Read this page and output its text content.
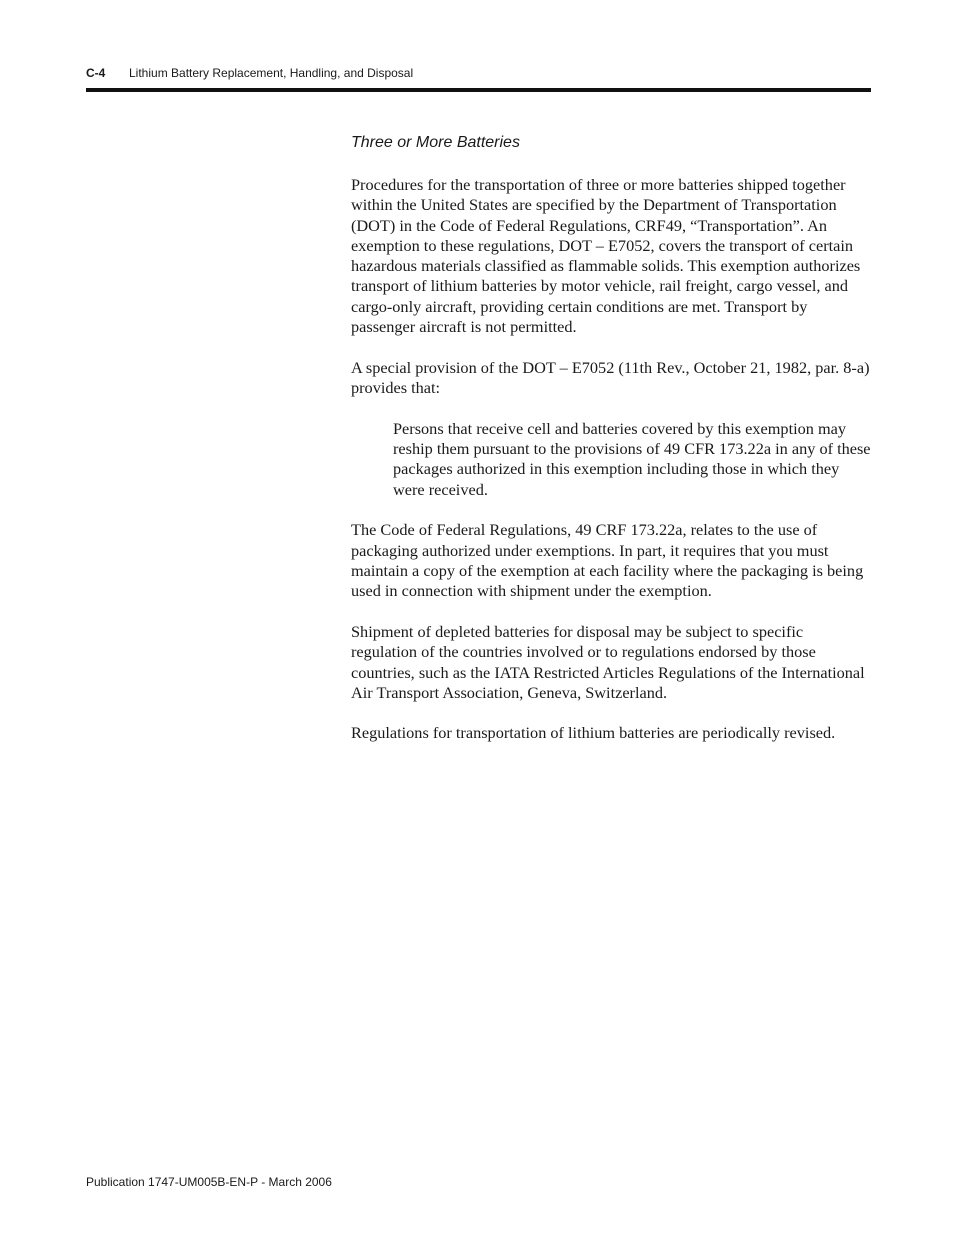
C-4 Lithium Battery Replacement, Handling, and Disposal
Three or More Batteries

Procedures for the transportation of three or more batteries shipped together within the United States are specified by the Department of Transportation (DOT) in the Code of Federal Regulations, CRF49, “Transportation”. An exemption to these regulations, DOT – E7052, covers the transport of certain hazardous materials classified as flammable solids. This exemption authorizes transport of lithium batteries by motor vehicle, rail freight, cargo vessel, and cargo-only aircraft, providing certain conditions are met. Transport by passenger aircraft is not permitted.

A special provision of the DOT – E7052 (11th Rev., October 21, 1982, par. 8-a) provides that:

Persons that receive cell and batteries covered by this exemption may reship them pursuant to the provisions of 49 CFR 173.22a in any of these packages authorized in this exemption including those in which they were received.

The Code of Federal Regulations, 49 CRF 173.22a, relates to the use of packaging authorized under exemptions. In part, it requires that you must maintain a copy of the exemption at each facility where the packaging is being used in connection with shipment under the exemption.

Shipment of depleted batteries for disposal may be subject to specific regulation of the countries involved or to regulations endorsed by those countries, such as the IATA Restricted Articles Regulations of the International Air Transport Association, Geneva, Switzerland.

Regulations for transportation of lithium batteries are periodically revised.

Publication 1747-UM005B-EN-P - March 2006
